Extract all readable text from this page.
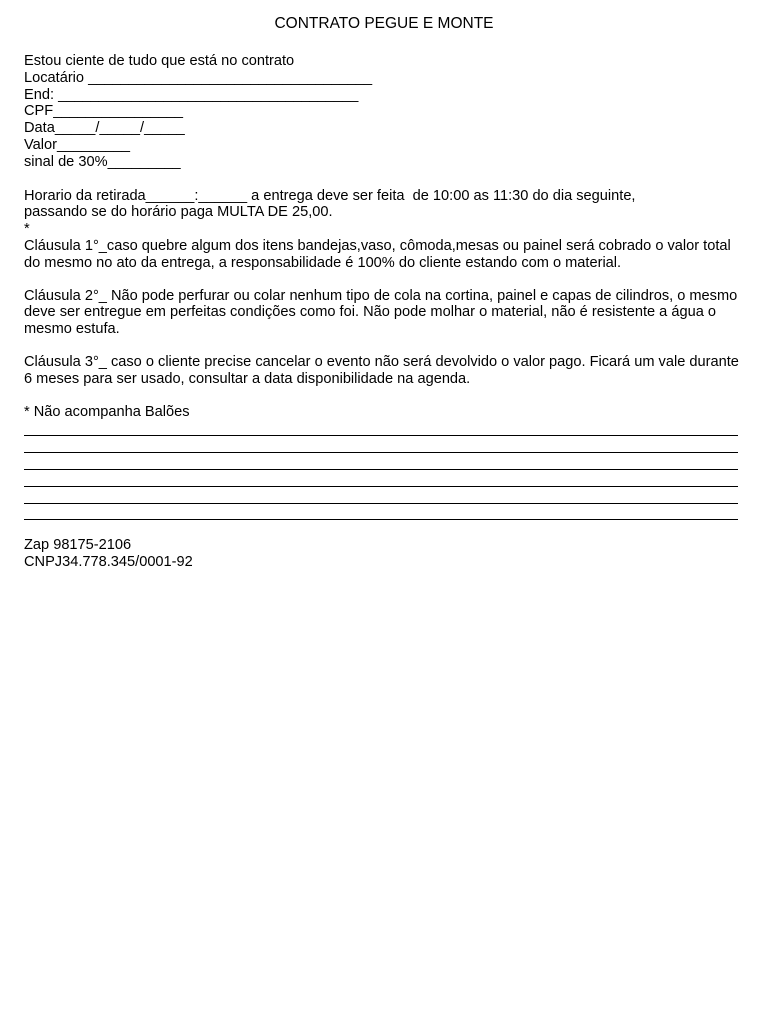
CONTRATO PEGUE E MONTE
Estou ciente de tudo que está no contrato
Locatário ___________________________________
End: _____________________________________
CPF________________
Data_____/_____/_____
Valor_________
sinal de 30%_________
Horario da retirada______:______ a entrega deve ser feita  de 10:00 as 11:30 do dia seguinte,
passando se do horário paga MULTA DE 25,00.
*
Cláusula 1°_caso quebre algum dos itens bandejas,vaso, cômoda,mesas ou painel será cobrado o valor total do mesmo no ato da entrega, a responsabilidade é 100% do cliente estando com o material.
Cláusula 2°_ Não pode perfurar ou colar nenhum tipo de cola na cortina, painel e capas de cilindros, o mesmo deve ser entregue em perfeitas condições como foi. Não pode molhar o material, não é resistente a água o mesmo estufa.
Cláusula 3°_ caso o cliente precise cancelar o evento não será devolvido o valor pago. Ficará um vale durante 6 meses para ser usado, consultar a data disponibilidade na agenda.
* Não acompanha Balões
Zap 98175-2106
CNPJ34.778.345/0001-92
